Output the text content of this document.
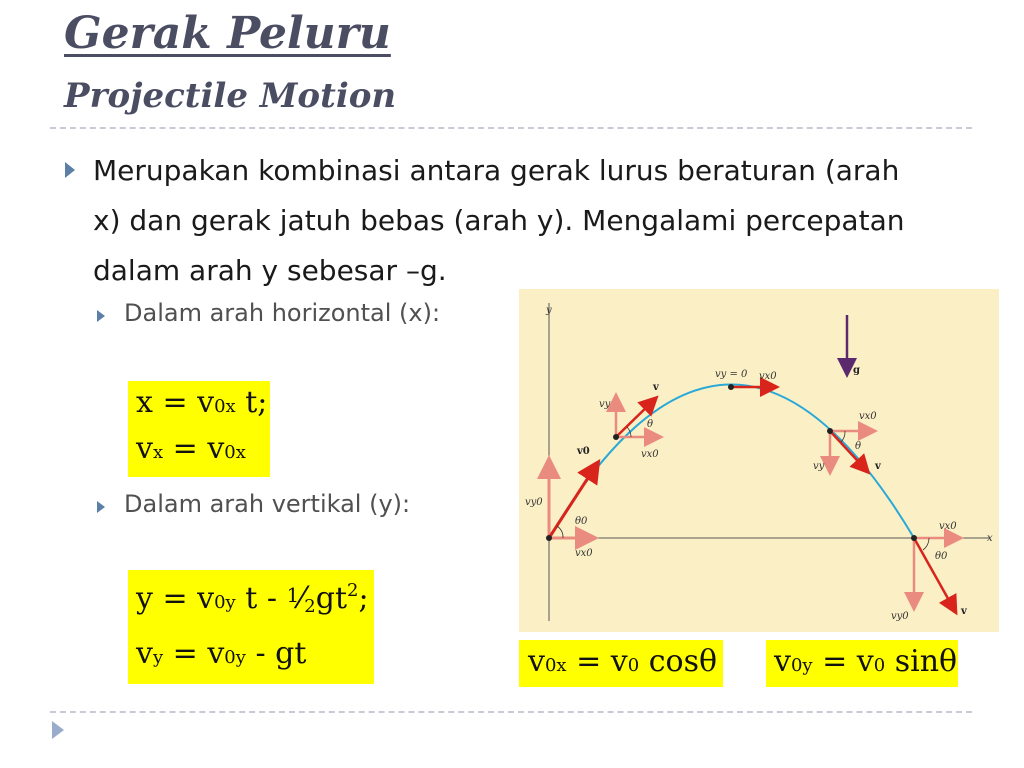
Gerak Peluru
Projectile Motion
Merupakan kombinasi antara gerak lurus beraturan (arah x) dan gerak jatuh bebas (arah y). Mengalami percepatan dalam arah y sebesar –g.
Dalam arah horizontal (x):
x = v0x t;
vx = v0x
Dalam arah vertikal (y):
y = v0y t - $^1⁄2gt^2$;
vy = v0y - gt	v0x = v0 cosθ v0y = v0 sinθ
y
x
g
v0
vy0
vx0
θ0
v
vy
θ
vx0
vy = 0 vx0
vx0
θ
vy	v
vx0
θ0
vy0	v
